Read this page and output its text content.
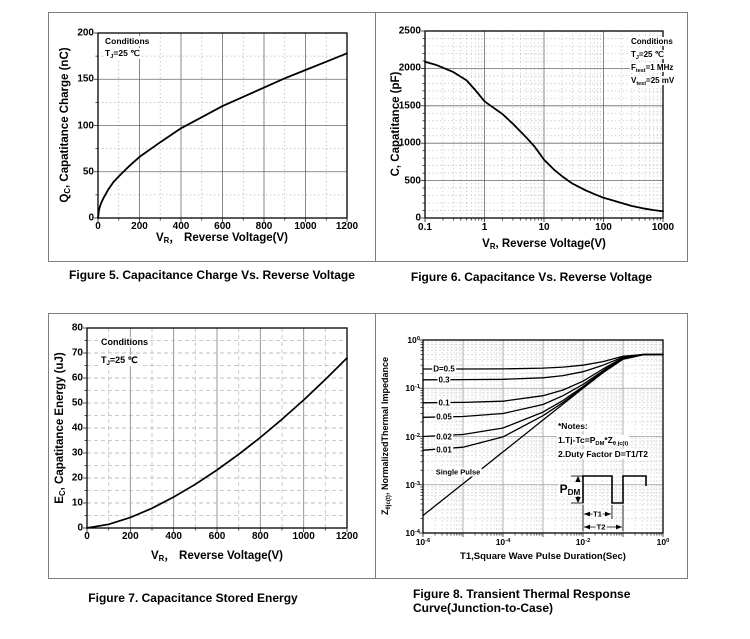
0	200 400 600 800 1000 1200
0
50
100
150
200
$V_R$， Reverse Voltage(V)
$Q_C$, Capatitance Charge (nC)
Conditions
$T_J=25$ ℃
0.1	1	10	100	1000
0
500
1000
1500
2000
2500
$V_R$, Reverse Voltage(V)
C, Capatitance (pF)
Conditions
$T_J=25$ ℃
$F_{test}=1$ MHz
$V_{test}=25$ mV
0	200	400	600	800 1000 1200
0
10
20
30
40
50
60
70
80
$V_R$， Reverse Voltage(V)
$E_C$, Capatitance Energy (uJ)
Conditions
$T_J=25$ ℃
$10^{-6}$	$10^{-4}$	$10^{-2}$	$10^0$
$10^0$
$10^{-1}$
$10^{-2}$
$10^{-3}$
$10^{-4}$
T1,Square Wave Pulse Duration(Sec)
$Z_{\theta jc(t)}$, NormalizedThermal Impedance	*Notes:
$1.Tj-Tc=P_{DM}*Z_{\theta jc(t)}$
2.Duty Factor D=T1/T2
D=0.5
0.3
0.1
0.05
0.02
0.01
Single Pulse
$P_{DM}$
T1
T2
Figure 5. Capacitance Charge Vs. Reverse Voltage	Figure 6. Capacitance Vs. Reverse Voltage
Figure 7. Capacitance Stored Energy	Figure 8. Transient Thermal Response
Curve(Junction-to-Case)
